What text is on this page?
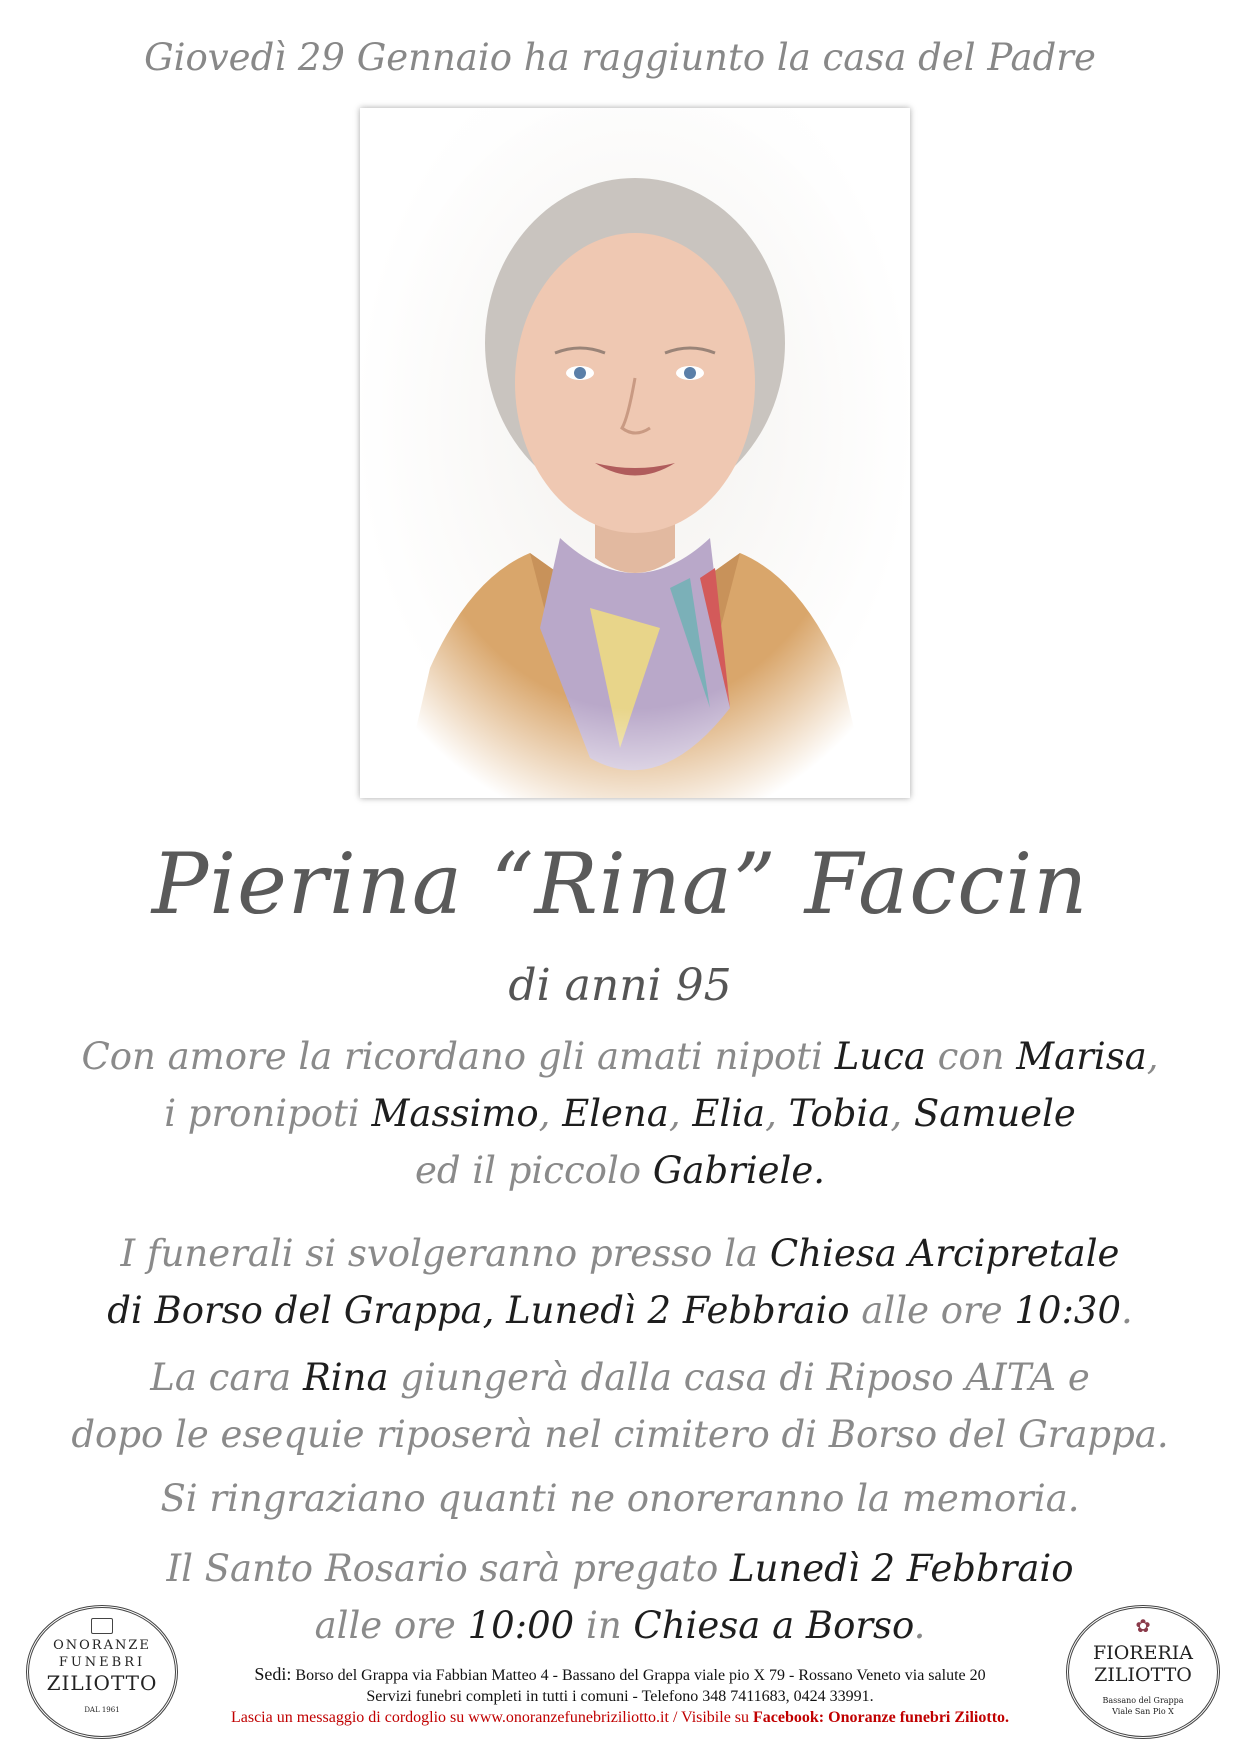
Giovedì 29 Gennaio ha raggiunto la casa del Padre
Pierina “Rina” Faccin
di anni 95
Con amore la ricordano gli amati nipoti Luca con Marisa,
i pronipoti Massimo, Elena, Elia, Tobia, Samuele
ed il piccolo Gabriele.
I funerali si svolgeranno presso la Chiesa Arcipretale
di Borso del Grappa, Lunedì 2 Febbraio alle ore 10:30.
La cara Rina giungerà dalla casa di Riposo AITA e
dopo le esequie riposerà nel cimitero di Borso del Grappa.
Si ringraziano quanti ne onoreranno la memoria.
Il Santo Rosario sarà pregato Lunedì 2 Febbraio
alle ore 10:00 in Chiesa a Borso.
ONORANZE
FUNEBRI
ZILIOTTO
DAL 1961
✿
FIORERIA
ZILIOTTO
Bassano del Grappa
Viale San Pio X
Sedi: Borso del Grappa via Fabbian Matteo 4 - Bassano del Grappa viale pio X 79 - Rossano Veneto via salute 20
Servizi funebri completi in tutti i comuni - Telefono 348 7411683, 0424 33991.
Lascia un messaggio di cordoglio su www.onoranzefunebriziliotto.it / Visibile su Facebook: Onoranze funebri Ziliotto.
